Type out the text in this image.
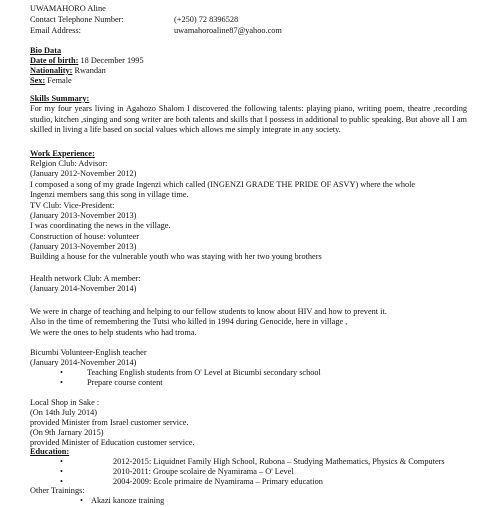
UWAMAHORO Aline
Contact Telephone Number:	(+250) 72 8396528
Email Address:	uwamahoroaline87@yahoo.com
Bio Data
Date of birth: 18 December 1995
Nationality: Rwandan
Sex: Female
Skills Summary:
For my four years living in Agahozo Shalom I discovered the following talents: playing piano, writing poem, theatre ,recording studio, kitchen ,singing and song writer are both talents and skills that I possess in additional to public speaking. But above all I am skilled in living a life based on social values which allows me simply integrate in any society.
Work Experience:
Relgion Club: Advisor:
(January 2012-November 2012)
I composed a song of my grade Ingenzi which called (INGENZI GRADE THE PRIDE OF ASVY) where the whole
Ingenzi members sang this song in village time.
TV Club: Vice-President:
(January 2013-November 2013)
I was coordinating the news in the village.
Construction of house: volunteer
(January 2013-November 2013)
Building a house for the vulnerable youth who was staying with her two young brothers
Health network Club: A member:
(January 2014-November 2014)
We were in charge of teaching and helping to our fellow students to know about HIV and how to prevent it.
Also in the time of remembering the Tutsi who killed in 1994 during Genocide, here in village ,
We were the ones to help students who had troma.
Bicumbi Volunteer-English teacher
(January 2014-November 2014)
•	Teaching English students from O' Level at Bicumbi secondary school
•	Prepare course content
Local Shop in Sake :
(On 14th July 2014)
provided Minister from Israel customer service.
(On 9th Jarnary 2015)
provided Minister of Education customer service.
Education:
•	2012-2015: Liquidnet Family High School, Rubona – Studying Mathematics, Physics & Computers
•	2010-2011: Groupe scolaire de Nyamirama – O' Level
•	2004-2009: Ecole primaire de Nyamirama – Primary education
Other Trainings:
• Akazi kanoze training
